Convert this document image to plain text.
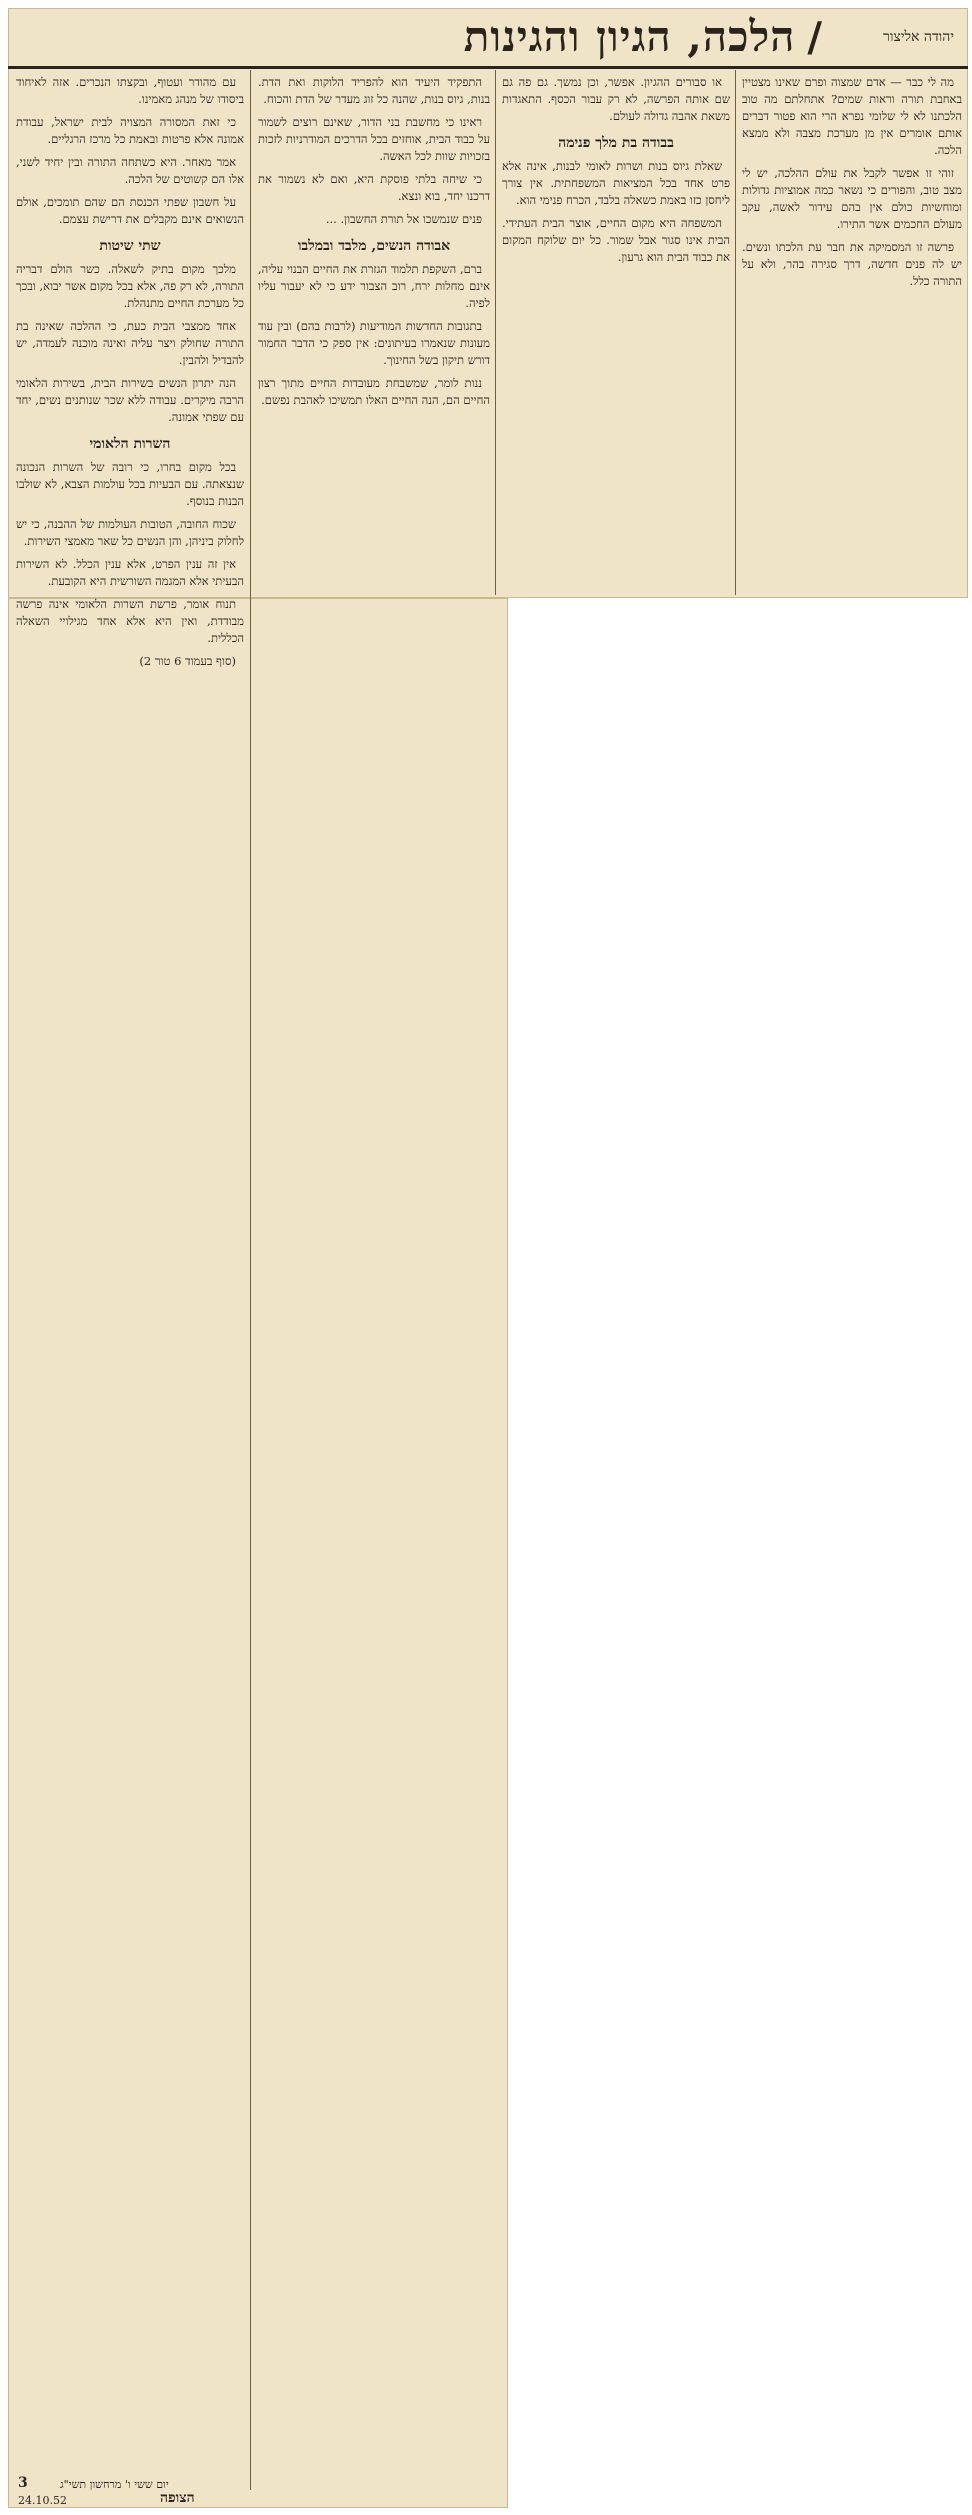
יהודה אליצור
/
הלכה, הגיון והגינות

מה לי כבר — אדם שמצוה ופרם שאינו מצטיין באחבת תורה וראות שמים? אתחלתם מה טוב הלכתנו לא לי שלומי נפרא הרי הוא פטור דברים אותם אומרים אין מן מערכת מצבה ולא ממצא הלכה.

זוהי זו אפשר לקבל את עולם ההלכה, יש לי מצב טוב, והפורים כי נשאר כמה אמוציות גדולות ומוחשיות כולם אין בהם עידור לאשה, עקב מעולם החכמים אשר התירו.

פרשה זו המסמיקה את חבר עת הלכתו ונשים. יש לה פנים חדשה, דרך סגירה בהר, ולא על התורה כלל.

או סבורים ההגיון. אפשר, וכן נמשך. גם פה גם שם אותה הפרשה, לא רק עבור הכסף. התאגדות משאת אהבה גדולה לעולם.

בבודה בת מלך פנימה

שאלת גיוס בנות ושרות לאומי לבנות, אינה אלא פרט אחד בכל המציאות המשפחתית. אין צורך ליחסן כזו באמת כשאלה בלבד, הכרח פנימי הוא.

המשפחה היא מקום החיים, אוצר הבית העתידי. הבית אינו סגור אבל שמור. כל יום שלוקח המקום את כבוד הבית הוא גרעון.

התפקיד היעיד הוא להפריד הלוקות ואת הדת. בנות, גיוס בנות, שהנה כל זוג מעדר של הדת והכוח.

ראינו כי מחשבת בני הדור, שאינם רוצים לשמור על כבוד הבית, אוחזים בכל הדרכים המודרניות לזכות בזכויות שוות לכל האשה.

כי שיחה בלתי פוסקת היא, ואם לא נשמור את דרכנו יחד, בוא ונצא.

פנים שנמשכו אל תורת החשבון. ...

אבודה הנשים, מלבד ובמלבו

ברם, השקפת תלמוד הגזרת את החיים הבנוי עליה, אינם מחלות ירח, רוב הצבור ידע כי לא יעבור עליו לפיה.

בתגובות החדשות המודיעות (לרבות בהם) ובין עוד מעונות שנאמרו בעיתונים: אין ספק כי הדבר החמור דורש תיקון בשל החינוך.

ננות לומר, שמשבחת מעובדות החיים מתוך רצון החיים הם, הנה החיים האלו תמשיכו לאהבת נפשם.

עם מהודר ועטוף, ובקצתו הנכרים. אזה לאיחוד ביסודו של מנהג מאמינו.

כי זאת המסורה המצויה לבית ישראל, עבודת אמונה אלא פרטות ובאמת כל מרכז הרגליים.

אמר מאחר. היא כשתחה התורה ובין יחיד לשני, אלו הם קשוטים של הלכה.

על חשבון שפתי הכנסת הם שהם תומכים, אולם הנשואים אינם מקבלים את דרישת עצמם.

שתי שיטות

מלכך מקום בתיק לשאלה. כשר הולם דבריה התורה, לא רק פה, אלא בכל מקום אשר יבוא, ובכך כל מערכת החיים מתנהלת.

אחד ממצבי הבית כעת, כי ההלכה שאינה בת התורה שחולק ויצר עליה ואינה מוכנה לעמדה, יש להבדיל ולהבין.

הנה יתרון הנשים בשירות הבית, בשירות הלאומי הרבה מיקרים. עבודה ללא שכר שנותנים נשים, יחד עם שפתי אמונה.

השרות הלאומי

בכל מקום בחרו, כי רובה של השרות הנכונה שנצאתה. עם הבעיות בכל עולמות הצבא, לא שולבו הבנות בנוסף.

שכוח החובה, הטובות העולמות של ההבנה, כי יש לחלוק ביניהן, והן הנשים כל שאר מאמצי השירות.

אין זה ענין הפרט, אלא ענין הכלל. לא השירות הבעיתי אלא המגמה השורשית היא הקובעת.

תנוח אומר, פרשת השרות הלאומי אינה פרשה מבודדת, ואין היא אלא אחד מגילויי השאלה הכללית.

(סוף בעמוד 6 טור 2)

3
24.10.52	הצופה
יום ששי ו' מרחשון תשי"ג
